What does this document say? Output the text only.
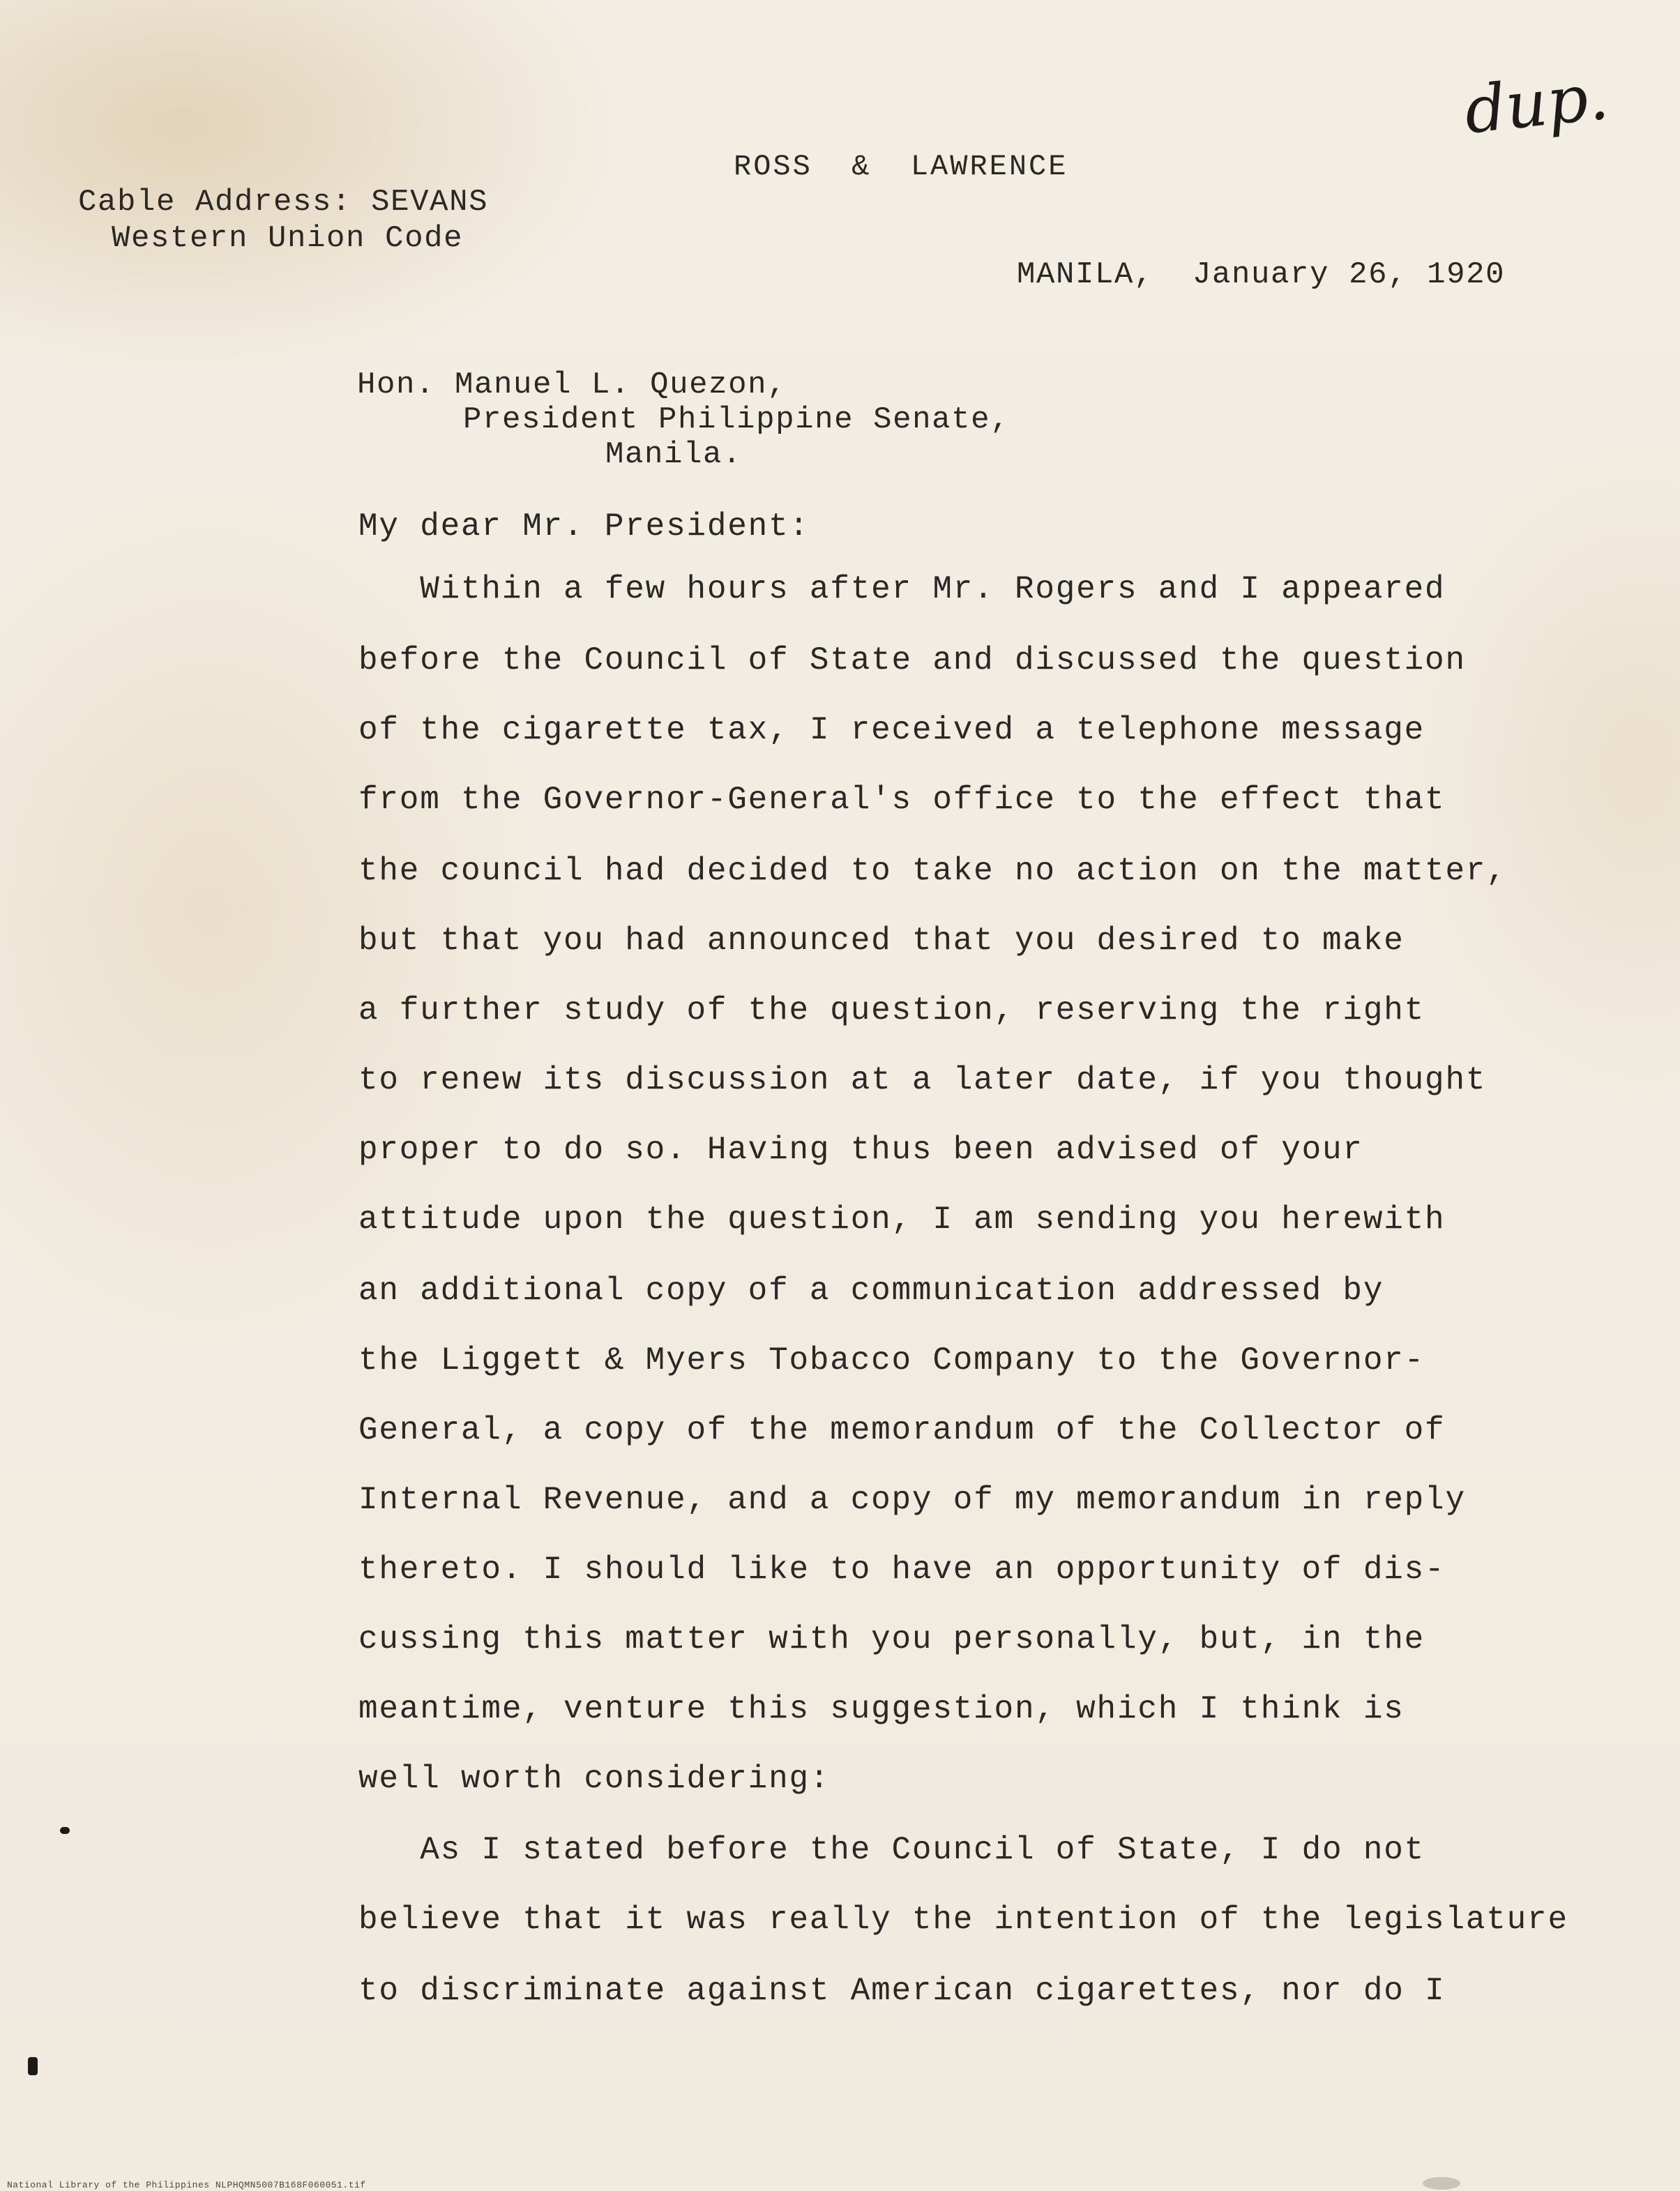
dup.
ROSS  &  LAWRENCE
Cable Address: SEVANS
Western Union Code
MANILA,  January 26, 1920
Hon. Manuel L. Quezon,
President Philippine Senate,
Manila.
My dear Mr. President:
Within a few hours after Mr. Rogers and I appeared
before the Council of State and discussed the question
of the cigarette tax, I received a telephone message
from the Governor-General's office to the effect that
the council had decided to take no action on the matter,
but that you had announced that you desired to make
a further study of the question, reserving the right
to renew its discussion at a later date, if you thought
proper to do so. Having thus been advised of your
attitude upon the question, I am sending you herewith
an additional copy of a communication addressed by
the Liggett & Myers Tobacco Company to the Governor-
General, a copy of the memorandum of the Collector of
Internal Revenue, and a copy of my memorandum in reply
thereto. I should like to have an opportunity of dis-
cussing this matter with you personally, but, in the
meantime, venture this suggestion, which I think is
well worth considering:
As I stated before the Council of State, I do not
believe that it was really the intention of the legislature
to discriminate against American cigarettes, nor do I
National Library of the Philippines NLPHQMN5007B168F060051.tif
